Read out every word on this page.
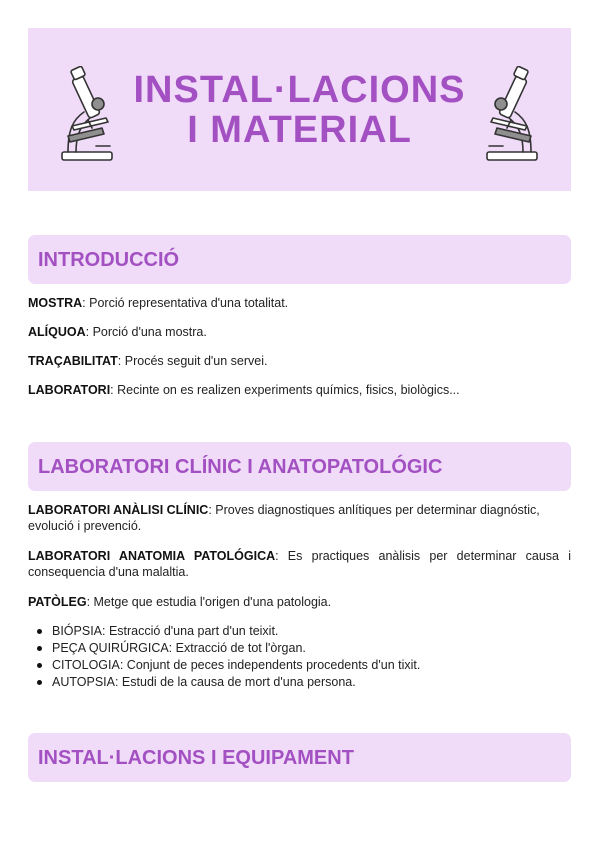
INSTAL·LACIONS
I MATERIAL
INTRODUCCIÓ

MOSTRA: Porció representativa d'una totalitat.

ALÍQUOA: Porció d'una mostra.

TRAÇABILITAT: Procés seguit d'un servei.

LABORATORI: Recinte on es realizen experiments químics, fisics, biològics...

LABORATORI CLÍNIC I ANATOPATOLÓGIC

LABORATORI ANÀLISI CLÍNIC: Proves diagnostiques anlítiques per determinar diagnóstic, evolució i prevenció.

LABORATORI ANATOMIA PATOLÓGICA: Es practiques anàlisis per determinar causa i consequencia d'una malaltia.

PATÒLEG: Metge que estudia l'origen d'una patologia.

BIÓPSIA: Estracció d'una part d'un teixit.
PEÇA QUIRÚRGICA: Extracció de tot l'òrgan.
CITOLOGIA: Conjunt de peces independents procedents d'un tixit.
AUTOPSIA: Estudi de la causa de mort d'una persona.
INSTAL·LACIONS I EQUIPAMENT
